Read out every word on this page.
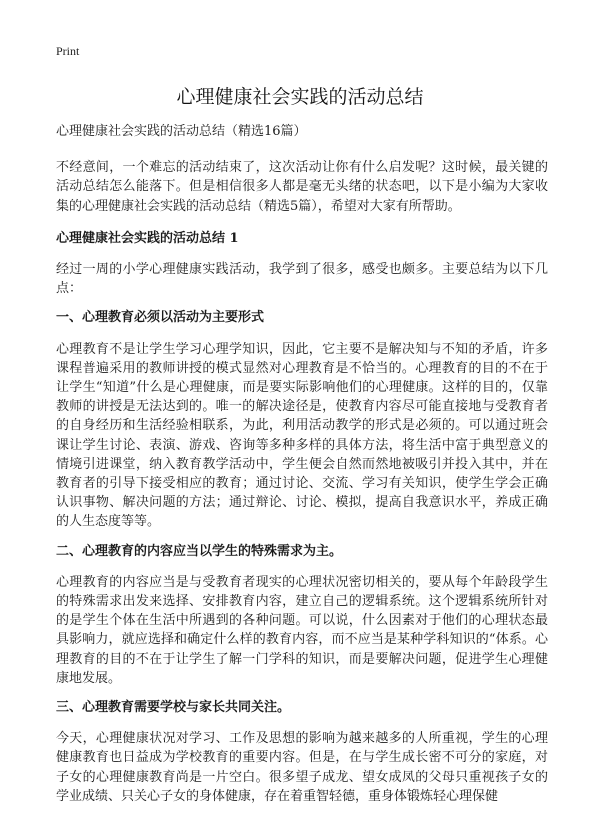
Print
心理健康社会实践的活动总结

心理健康社会实践的活动总结（精选16篇）

不经意间，一个难忘的活动结束了，这次活动让你有什么启发呢？这时候，最关键的活动总结怎么能落下。但是相信很多人都是毫无头绪的状态吧，以下是小编为大家收集的心理健康社会实践的活动总结（精选5篇），希望对大家有所帮助。

心理健康社会实践的活动总结 1

经过一周的小学心理健康实践活动，我学到了很多，感受也颇多。主要总结为以下几点：

一、心理教育必须以活动为主要形式

心理教育不是让学生学习心理学知识，因此，它主要不是解决知与不知的矛盾，许多课程普遍采用的教师讲授的模式显然对心理教育是不恰当的。心理教育的目的不在于让学生“知道”什么是心理健康，而是要实际影响他们的心理健康。这样的目的，仅靠教师的讲授是无法达到的。唯一的解决途径是，使教育内容尽可能直接地与受教育者的自身经历和生活经验相联系，为此，利用活动教学的形式是必须的。可以通过班会课让学生讨论、表演、游戏、咨询等多种多样的具体方法，将生活中富于典型意义的情境引进课堂，纳入教育教学活动中，学生便会自然而然地被吸引并投入其中，并在教育者的引导下接受相应的教育；通过讨论、交流、学习有关知识，使学生学会正确认识事物、解决问题的方法；通过辩论、讨论、模拟，提高自我意识水平，养成正确的人生态度等等。

二、心理教育的内容应当以学生的特殊需求为主。

心理教育的内容应当是与受教育者现实的心理状况密切相关的，要从每个年龄段学生的特殊需求出发来选择、安排教育内容，建立自己的逻辑系统。这个逻辑系统所针对的是学生个体在生活中所遇到的各种问题。可以说，什么因素对于他们的心理状态最具影响力，就应选择和确定什么样的教育内容，而不应当是某种学科知识的“体系。心理教育的目的不在于让学生了解一门学科的知识，而是要解决问题，促进学生心理健康地发展。

三、心理教育需要学校与家长共同关注。

今天，心理健康状况对学习、工作及思想的影响为越来越多的人所重视，学生的心理健康教育也日益成为学校教育的重要内容。但是，在与学生成长密不可分的家庭，对子女的心理健康教育尚是一片空白。很多望子成龙、望女成凤的父母只重视孩子女的学业成绩、只关心子女的身体健康，存在着重智轻德，重身体锻炼轻心理保健
